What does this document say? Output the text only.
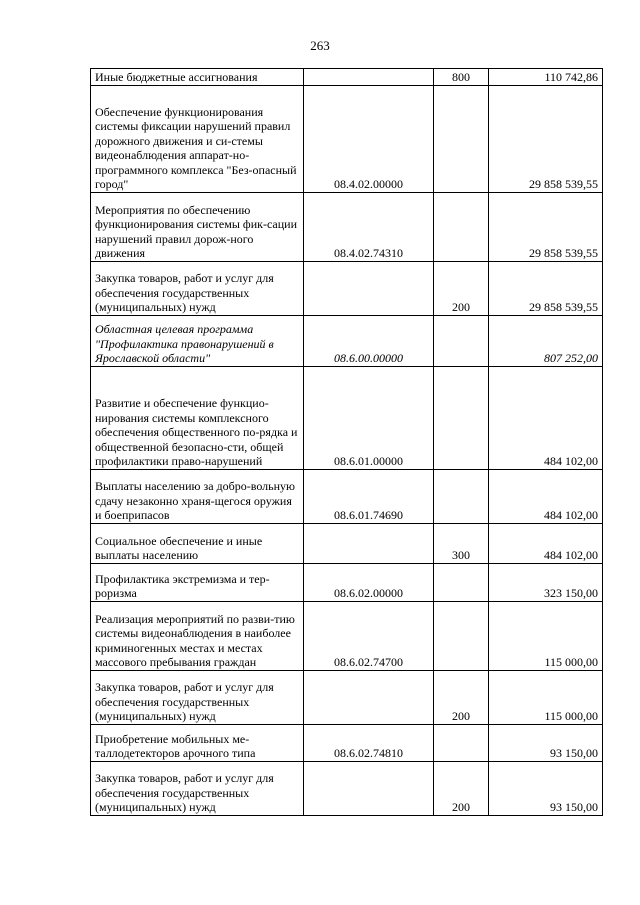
263
Иные бюджетные ассигнования		800	110 742,86
Обеспечение функционирования системы фиксации нарушений правил дорожного движения и си-стемы видеонаблюдения аппарат-но-программного комплекса "Без-опасный город"	08.4.02.00000		29 858 539,55
Мероприятия по обеспечению функционирования системы фик-сации нарушений правил дорож-ного движения	08.4.02.74310		29 858 539,55
Закупка товаров, работ и услуг для обеспечения государственных (муниципальных) нужд		200	29 858 539,55
Областная целевая программа "Профилактика правонарушений в Ярославской области"	08.6.00.00000		807 252,00
Развитие и обеспечение функцио-нирования системы комплексного обеспечения общественного по-рядка и общественной безопасно-сти, общей профилактики право-нарушений	08.6.01.00000		484 102,00
Выплаты населению за добро-вольную сдачу незаконно храня-щегося оружия и боеприпасов	08.6.01.74690		484 102,00
Социальное обеспечение и иные выплаты населению		300	484 102,00
Профилактика экстремизма и тер-роризма	08.6.02.00000		323 150,00
Реализация мероприятий по разви-тию системы видеонаблюдения в наиболее криминогенных местах и местах массового пребывания граждан	08.6.02.74700		115 000,00
Закупка товаров, работ и услуг для обеспечения государственных (муниципальных) нужд		200	115 000,00
Приобретение мобильных ме-таллодетекторов арочного типа	08.6.02.74810		93 150,00
Закупка товаров, работ и услуг для обеспечения государственных (муниципальных) нужд		200	93 150,00
